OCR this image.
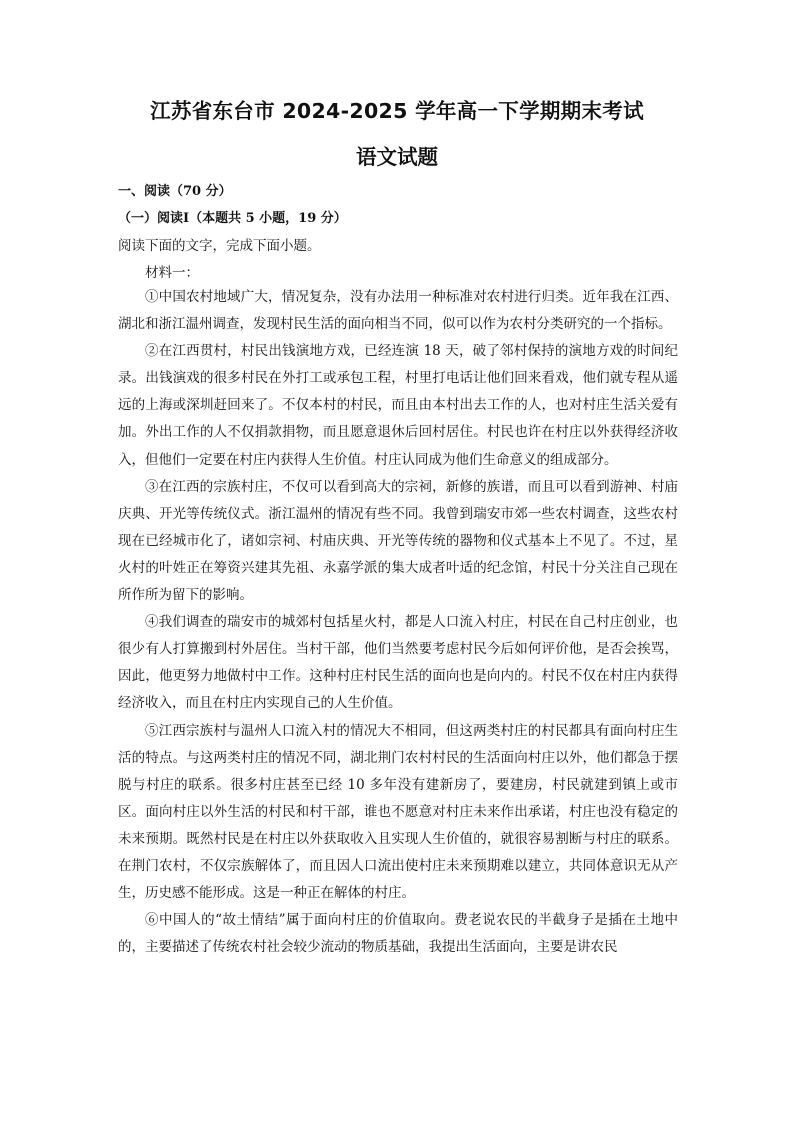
江苏省东台市 2024-2025 学年高一下学期期末考试
语文试题
一、阅读（70 分）
（一）阅读Ⅰ（本题共 5 小题，19 分）
阅读下面的文字，完成下面小题。
材料一：

①中国农村地域广大，情况复杂，没有办法用一种标准对农村进行归类。近年我在江西、湖北和浙江温州调查，发现村民生活的面向相当不同，似可以作为农村分类研究的一个指标。

②在江西贯村，村民出钱演地方戏，已经连演 18 天，破了邻村保持的演地方戏的时间纪录。出钱演戏的很多村民在外打工或承包工程，村里打电话让他们回来看戏，他们就专程从遥远的上海或深圳赶回来了。不仅本村的村民，而且由本村出去工作的人，也对村庄生活关爱有加。外出工作的人不仅捐款捐物，而且愿意退休后回村居住。村民也许在村庄以外获得经济收入，但他们一定要在村庄内获得人生价值。村庄认同成为他们生命意义的组成部分。

③在江西的宗族村庄，不仅可以看到高大的宗祠，新修的族谱，而且可以看到游神、村庙庆典、开光等传统仪式。浙江温州的情况有些不同。我曾到瑞安市郊一些农村调查，这些农村现在已经城市化了，诸如宗祠、村庙庆典、开光等传统的器物和仪式基本上不见了。不过，星火村的叶姓正在筹资兴建其先祖、永嘉学派的集大成者叶适的纪念馆，村民十分关注自己现在所作所为留下的影响。

④我们调查的瑞安市的城郊村包括星火村，都是人口流入村庄，村民在自己村庄创业，也很少有人打算搬到村外居住。当村干部，他们当然要考虑村民今后如何评价他，是否会挨骂，因此，他更努力地做村中工作。这种村庄村民生活的面向也是向内的。村民不仅在村庄内获得经济收入，而且在村庄内实现自己的人生价值。

⑤江西宗族村与温州人口流入村的情况大不相同，但这两类村庄的村民都具有面向村庄生活的特点。与这两类村庄的情况不同，湖北荆门农村村民的生活面向村庄以外，他们都急于摆脱与村庄的联系。很多村庄甚至已经 10 多年没有建新房了，要建房，村民就建到镇上或市区。面向村庄以外生活的村民和村干部，谁也不愿意对村庄未来作出承诺，村庄也没有稳定的未来预期。既然村民是在村庄以外获取收入且实现人生价值的，就很容易割断与村庄的联系。在荆门农村，不仅宗族解体了，而且因人口流出使村庄未来预期难以建立，共同体意识无从产生，历史感不能形成。这是一种正在解体的村庄。

⑥中国人的“故土情结”属于面向村庄的价值取向。费老说农民的半截身子是插在土地中的，主要描述了传统农村社会较少流动的物质基础，我提出生活面向，主要是讲农民
